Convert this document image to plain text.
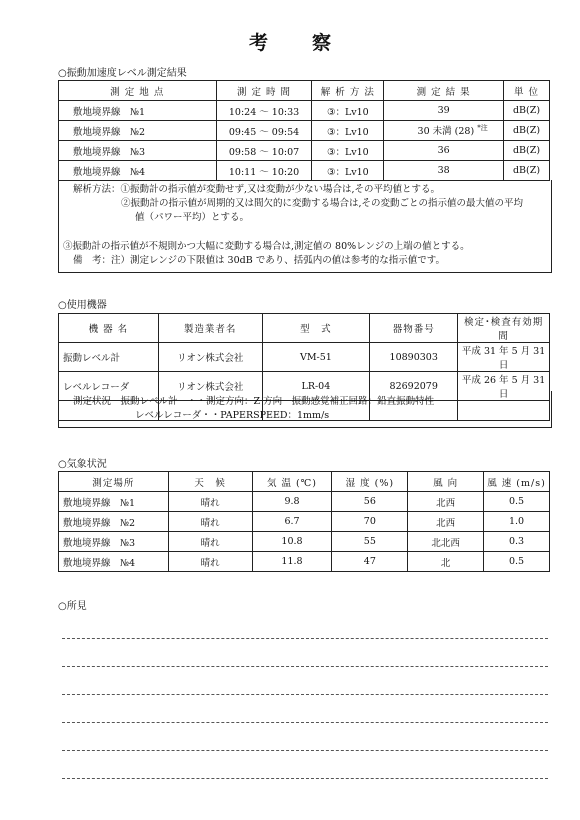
考 察
○振動加速度レベル測定結果
測 定 地 点	測 定 時 間	解 析 方 法	測 定 結 果	単 位
敷地境界線　№1	10:24 ～ 10:33	③：Lv10	39	dB(Z)
敷地境界線　№2	09:45 ～ 09:54	③：Lv10	30 未満 (28) $^{*注}$	dB(Z)
敷地境界線　№3	09:58 ～ 10:07	③：Lv10	36	dB(Z)
敷地境界線　№4	10:11 ～ 10:20	③：Lv10	38	dB(Z)
解析方法：①振動計の指示値が変動せず,又は変動が少ない場合は,その平均値とする。
②振動計の指示値が周期的又は間欠的に変動する場合は,その変動ごとの指示値の最大値の平均
値（パワー平均）とする。
③振動計の指示値が不規則かつ大幅に変動する場合は,測定値の 80%レンジの上端の値とする。
備　考：注）測定レンジの下限値は 30dB であり、括弧内の値は参考的な指示値です。
○使用機器
機 器 名	製造業者名	型　式	器物番号	検定･検査有効期間
振動レベル計	リオン株式会社	VM-51	10890303	平成 31 年 5 月 31 日
レベルレコーダ	リオン株式会社	LR-04	82692079	平成 26 年 5 月 31 日

測定状況　振動レベル計　・・測定方向：Z 方向　振動感覚補正回路：鉛直振動特性
レベルレコーダ・・PAPERSPEED：1mm/s
○気象状況
測定場所	天　候	気 温 (℃)	湿 度 (%)	風 向	風 速 (m/s)
敷地境界線　№1	晴れ	9.8	56	北西	0.5
敷地境界線　№2	晴れ	6.7	70	北西	1.0
敷地境界線　№3	晴れ	10.8	55	北北西	0.3
敷地境界線　№4	晴れ	11.8	47	北	0.5
○所見
